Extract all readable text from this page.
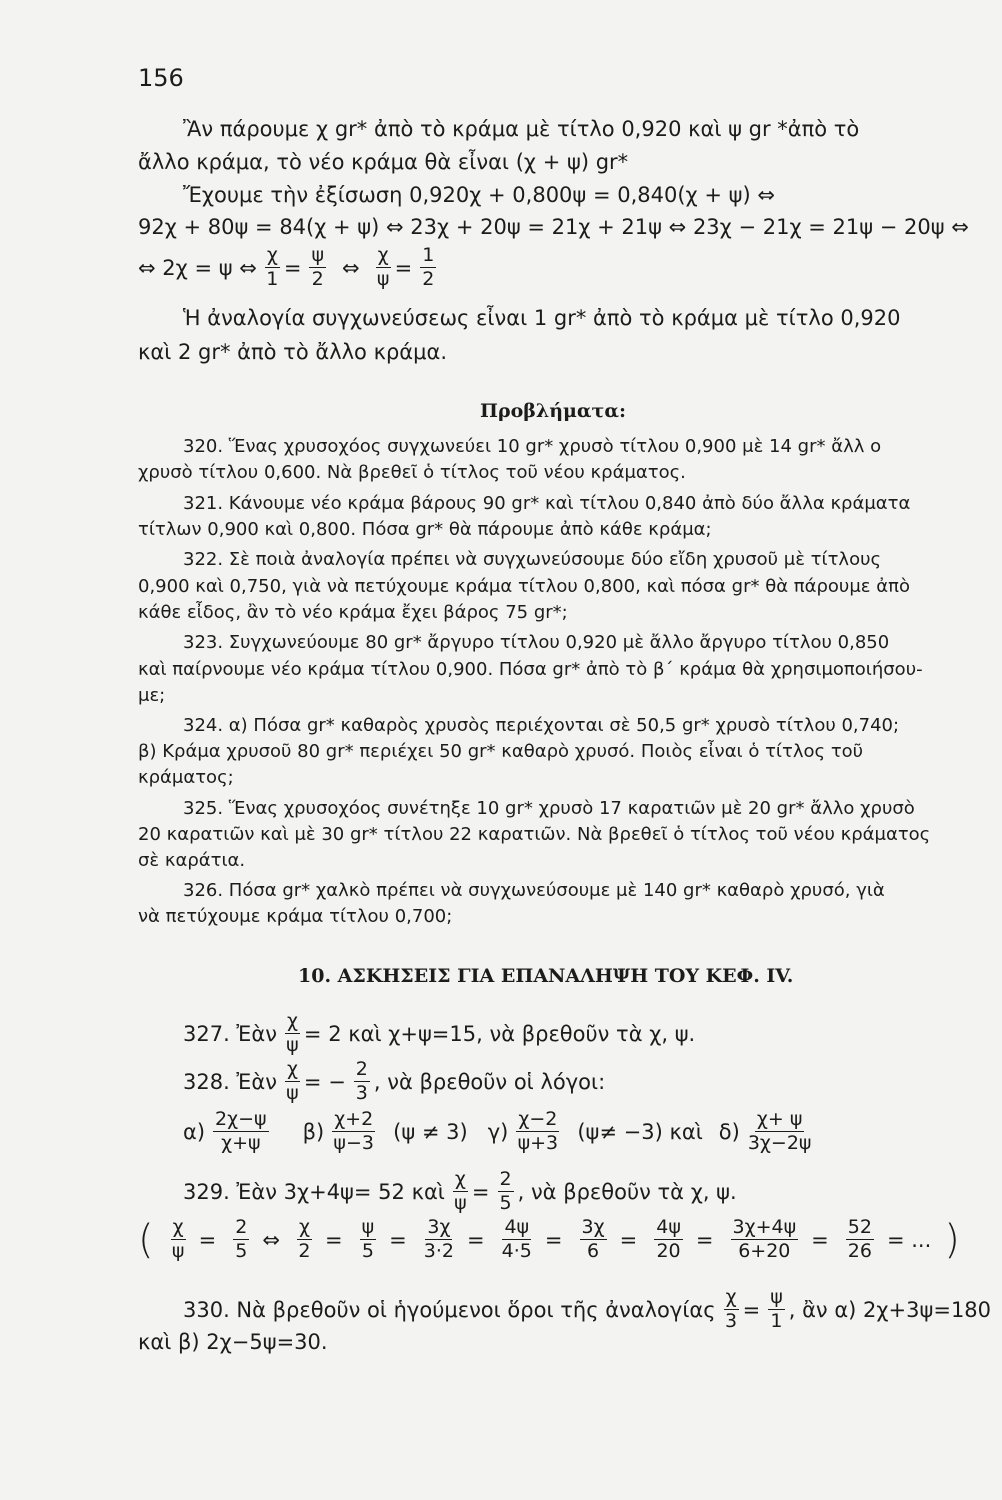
156
Ἂν πάρουμε χ gr* ἀπὸ τὸ κράμα μὲ τίτλο 0,920 καὶ ψ gr *ἀπὸ τὸ
ἄλλο κράμα, τὸ νέο κράμα θὰ εἶναι (χ + ψ) gr*
Ἔχουμε τὴν ἐξίσωση 0,920χ + 0,800ψ = 0,840(χ + ψ) ⇔
92χ + 80ψ = 84(χ + ψ) ⇔ 23χ + 20ψ = 21χ + 21ψ ⇔ 23χ − 21χ = 21ψ − 20ψ ⇔
⇔ 2χ = ψ ⇔ $\frac{\chi}{1} = \frac{\psi}{2}$ ⇔ $\frac{\chi}{\psi} = \frac{1}{2}$
Ἡ ἀναλογία συγχωνεύσεως εἶναι 1 gr* ἀπὸ τὸ κράμα μὲ τίτλο 0,920
καὶ 2 gr* ἀπὸ τὸ ἄλλο κράμα.
Προβλήματα:
320. Ἕνας χρυσοχόος συγχωνεύει 10 gr* χρυσὸ τίτλου 0,900 μὲ 14 gr* ἄλλ ο
χρυσὸ τίτλου 0,600. Νὰ βρεθεῖ ὁ τίτλος τοῦ νέου κράματος.
321. Κάνουμε νέο κράμα βάρους 90 gr* καὶ τίτλου 0,840 ἀπὸ δύο ἄλλα κράματα
τίτλων 0,900 καὶ 0,800. Πόσα gr* θὰ πάρουμε ἀπὸ κάθε κράμα;
322. Σὲ ποιὰ ἀναλογία πρέπει νὰ συγχωνεύσουμε δύο εἴδη χρυσοῦ μὲ τίτλους
0,900 καὶ 0,750, γιὰ νὰ πετύχουμε κράμα τίτλου 0,800, καὶ πόσα gr* θὰ πάρουμε ἀπὸ
κάθε εἶδος, ἂν τὸ νέο κράμα ἔχει βάρος 75 gr*;
323. Συγχωνεύουμε 80 gr* ἄργυρο τίτλου 0,920 μὲ ἄλλο ἄργυρο τίτλου 0,850
καὶ παίρνουμε νέο κράμα τίτλου 0,900. Πόσα gr* ἀπὸ τὸ β΄ κράμα θὰ χρησιμοποιήσου-
με;
324. α) Πόσα gr* καθαρὸς χρυσὸς περιέχονται σὲ 50,5 gr* χρυσὸ τίτλου 0,740;
β) Κράμα χρυσοῦ 80 gr* περιέχει 50 gr* καθαρὸ χρυσό. Ποιὸς εἶναι ὁ τίτλος τοῦ
κράματος;
325. Ἕνας χρυσοχόος συνέτηξε 10 gr* χρυσὸ 17 καρατιῶν μὲ 20 gr* ἄλλο χρυσὸ
20 καρατιῶν καὶ μὲ 30 gr* τίτλου 22 καρατιῶν. Νὰ βρεθεῖ ὁ τίτλος τοῦ νέου κράματος
σὲ καράτια.
326. Πόσα gr* χαλκὸ πρέπει νὰ συγχωνεύσουμε μὲ 140 gr* καθαρὸ χρυσό, γιὰ
νὰ πετύχουμε κράμα τίτλου 0,700;
10. ΑΣΚΗΣΕΙΣ ΓΙΑ ΕΠΑΝΑΛΗΨΗ ΤΟΥ ΚΕΦ. IV.
327. Ἐὰν $\frac{\chi}{\psi} = 2$ καὶ χ+ψ=15, νὰ βρεθοῦν τὰ χ, ψ.
328. Ἐὰν $\frac{\chi}{\psi}$ = − $\frac{2}{3}$ , νὰ βρεθοῦν οἱ λόγοι:
$\alpha) \frac{2\chi-\psi}{\chi+\psi} \beta) \frac{\chi+2}{\psi-3} (\psi \ne 3)$ $\gamma) \frac{\chi-2}{\psi+3} (\psi\ne -3)$ καὶ $\delta) \frac{\chi+ \psi}{3\chi-2\psi}$
329. Ἐὰν 3χ+4ψ= 52 καὶ $\frac{\chi}{\psi} = \frac{2}{5}$ , νὰ βρεθοῦν τὰ χ, ψ.
( $\frac{\chi}{\psi} = \frac{2}{5}$ ⇔ $\frac{\chi}{2} = \frac{\psi}{5} = \frac{3\chi}{3\cdot 2} = \frac{4\psi}{4\cdot 5} = \frac{3\chi}{6} = \frac{4\psi}{20} = \frac{3\chi+4\psi}{6+20} = \frac{52}{26}$ = ... )
330. Νὰ βρεθοῦν οἱ ἡγούμενοι ὅροι τῆς ἀναλογίας $\frac{\chi}{3} = \frac{\psi}{1}$ , ἂν α) 2χ+3ψ=180
καὶ β) 2χ−5ψ=30.
